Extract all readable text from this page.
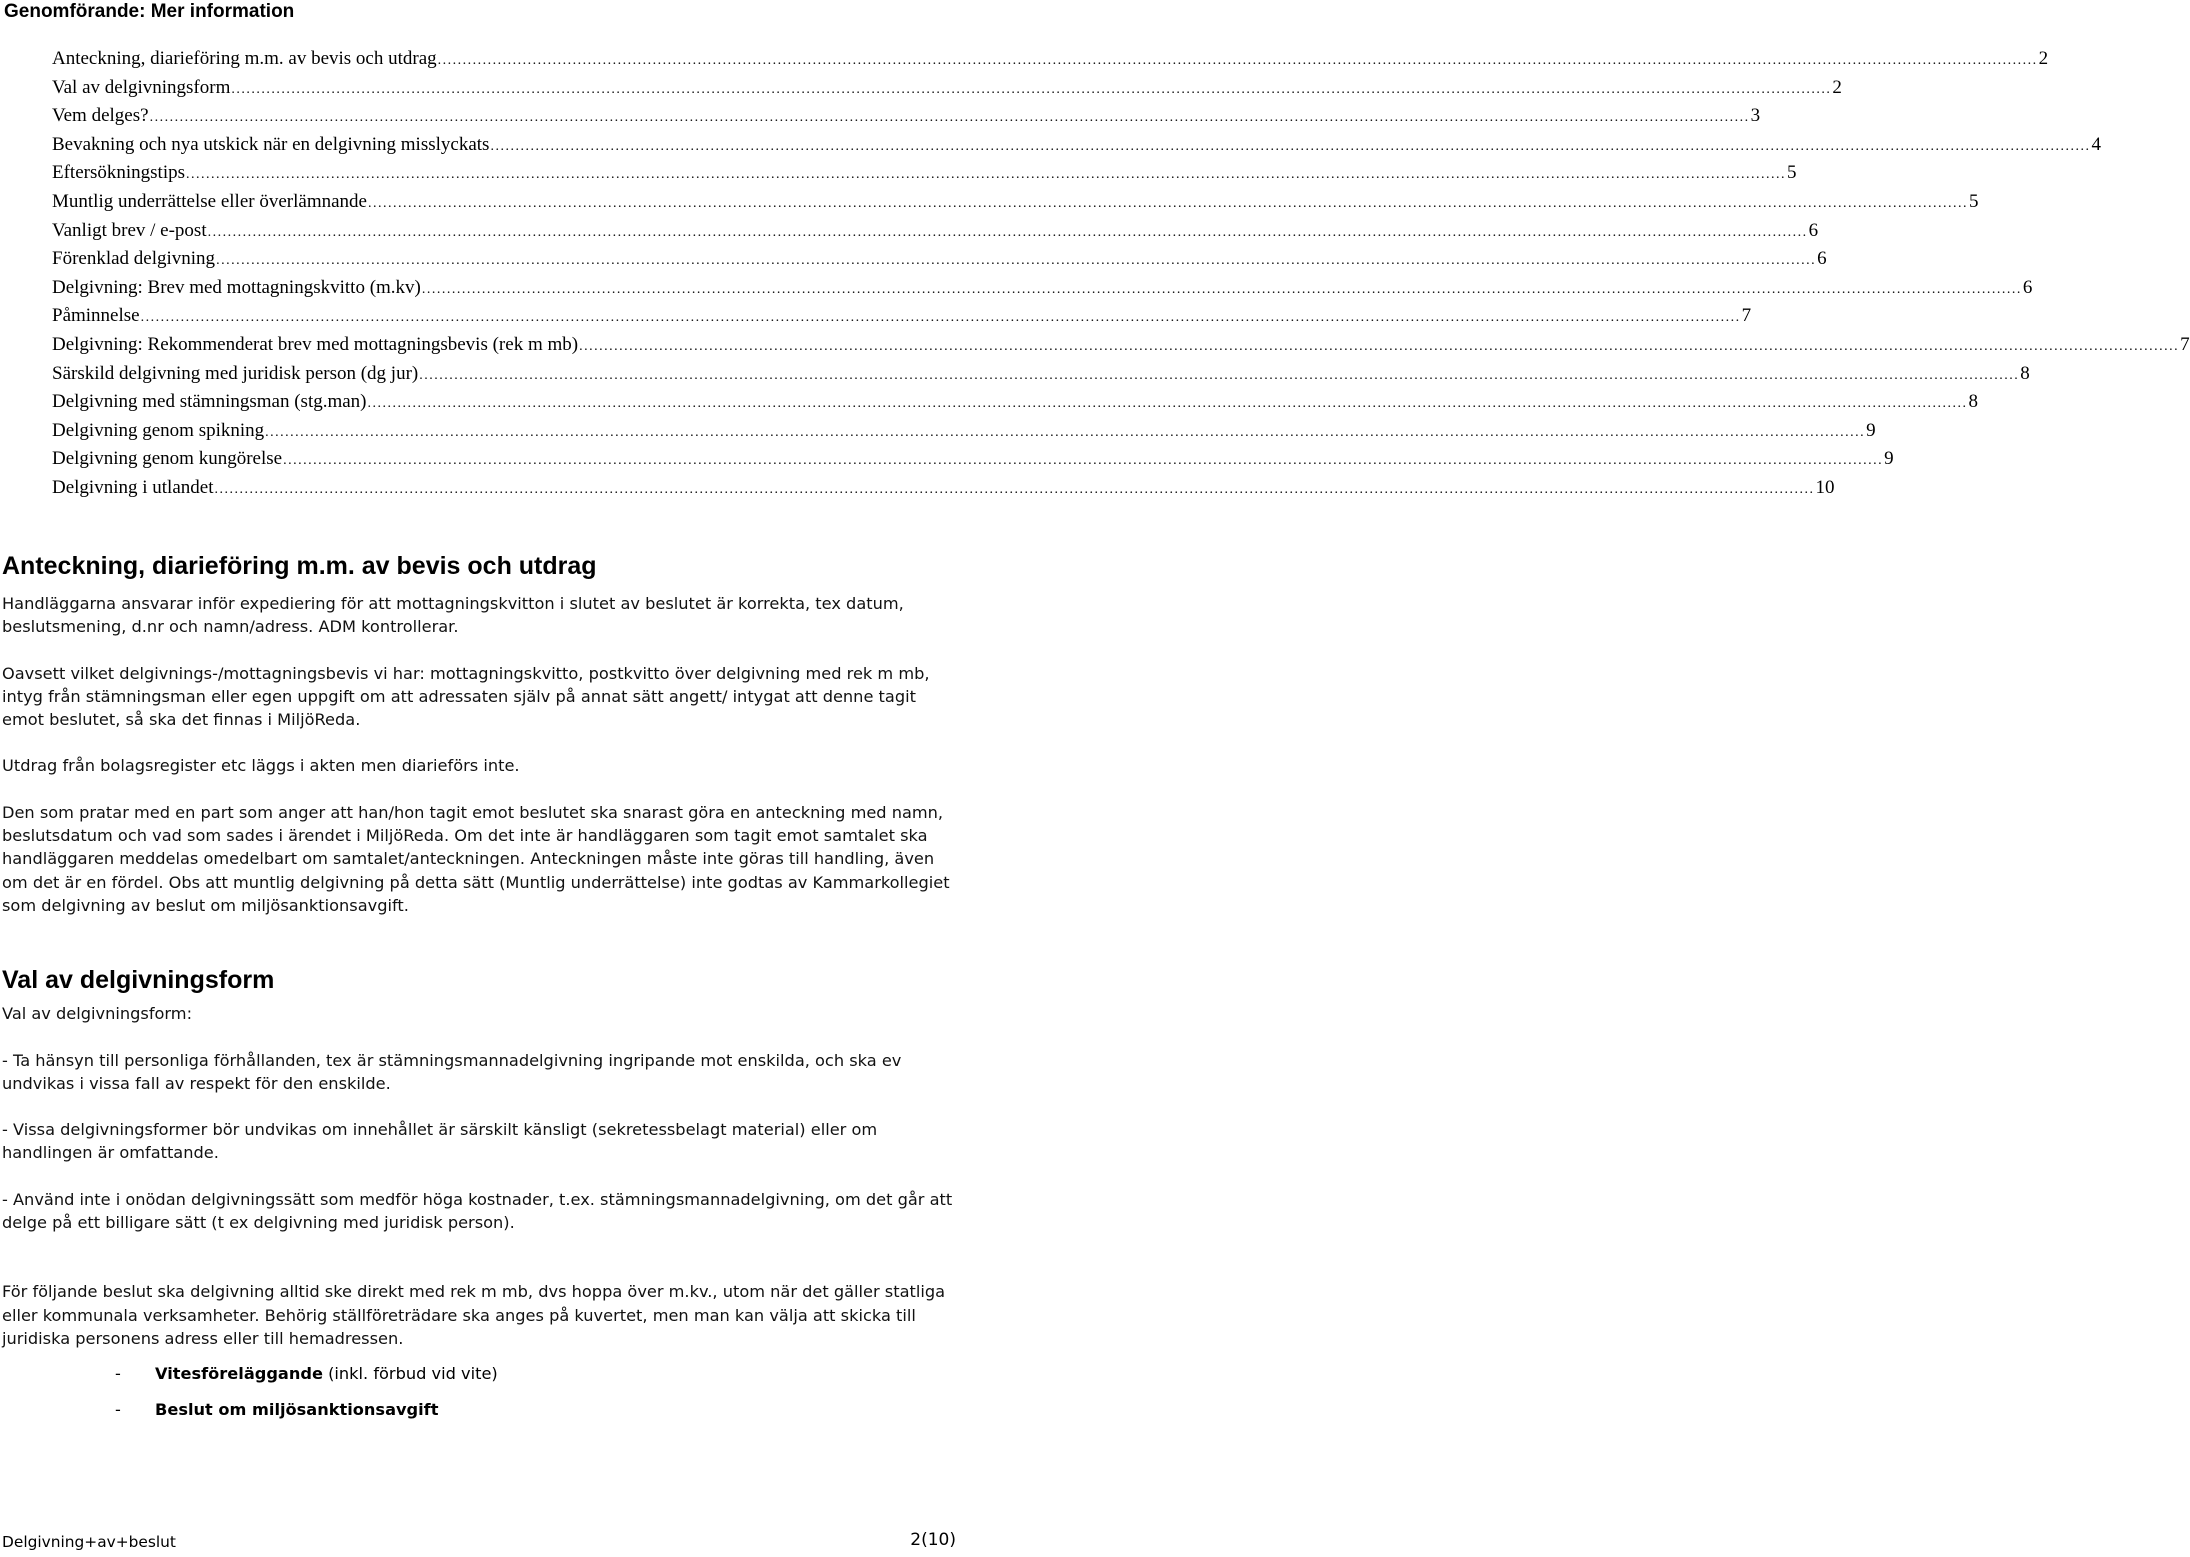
Genomförande: Mer information
Anteckning, diarieföring m.m. av bevis och utdrag .....	2
Val av delgivningsform .....	2
Vem delges? .....	3
Bevakning och nya utskick när en delgivning misslyckats .....	4
Eftersökningstips .....	5
Muntlig underrättelse eller överlämnande .....	5
Vanligt brev / e-post .....	6
Förenklad delgivning .....	6
Delgivning: Brev med mottagningskvitto (m.kv) .....	6
Påminnelse .....	7
Delgivning: Rekommenderat brev med mottagningsbevis (rek m mb) .....	7
Särskild delgivning med juridisk person (dg jur) .....	8
Delgivning med stämningsman (stg.man) .....	8
Delgivning genom spikning .....	9
Delgivning genom kungörelse .....	9
Delgivning i utlandet .....	10
Anteckning, diarieföring m.m. av bevis och utdrag

Handläggarna ansvarar inför expediering för att mottagningskvitton i slutet av beslutet är korrekta, tex datum, beslutsmening, d.nr och namn/adress. ADM kontrollerar.

Oavsett vilket delgivnings-/mottagningsbevis vi har: mottagningskvitto, postkvitto över delgivning med rek m mb, intyg från stämningsman eller egen uppgift om att adressaten själv på annat sätt angett/ intygat att denne tagit emot beslutet, så ska det finnas i MiljöReda.

Utdrag från bolagsregister etc läggs i akten men diarieförs inte.

Den som pratar med en part som anger att han/hon tagit emot beslutet ska snarast göra en anteckning med namn, beslutsdatum och vad som sades i ärendet i MiljöReda. Om det inte är handläggaren som tagit emot samtalet ska handläggaren meddelas omedelbart om samtalet/anteckningen. Anteckningen måste inte göras till handling, även om det är en fördel. Obs att muntlig delgivning på detta sätt (Muntlig underrättelse) inte godtas av Kammarkollegiet som delgivning av beslut om miljösanktionsavgift.

Val av delgivningsform

Val av delgivningsform:

- Ta hänsyn till personliga förhållanden, tex är stämningsmannadelgivning ingripande mot enskilda, och ska ev undvikas i vissa fall av respekt för den enskilde.

- Vissa delgivningsformer bör undvikas om innehållet är särskilt känsligt (sekretessbelagt material) eller om handlingen är omfattande.

- Använd inte i onödan delgivningssätt som medför höga kostnader, t.ex. stämningsmannadelgivning, om det går att delge på ett billigare sätt (t ex delgivning med juridisk person).

För följande beslut ska delgivning alltid ske direkt med rek m mb, dvs hoppa över m.kv., utom när det gäller statliga eller kommunala verksamheter. Behörig ställföreträdare ska anges på kuvertet, men man kan välja att skicka till juridiska personens adress eller till hemadressen.

-	Vitesföreläggande (inkl. förbud vid vite)
-	Beslut om miljösanktionsavgift
Delgivning+av+beslut	2(10)
